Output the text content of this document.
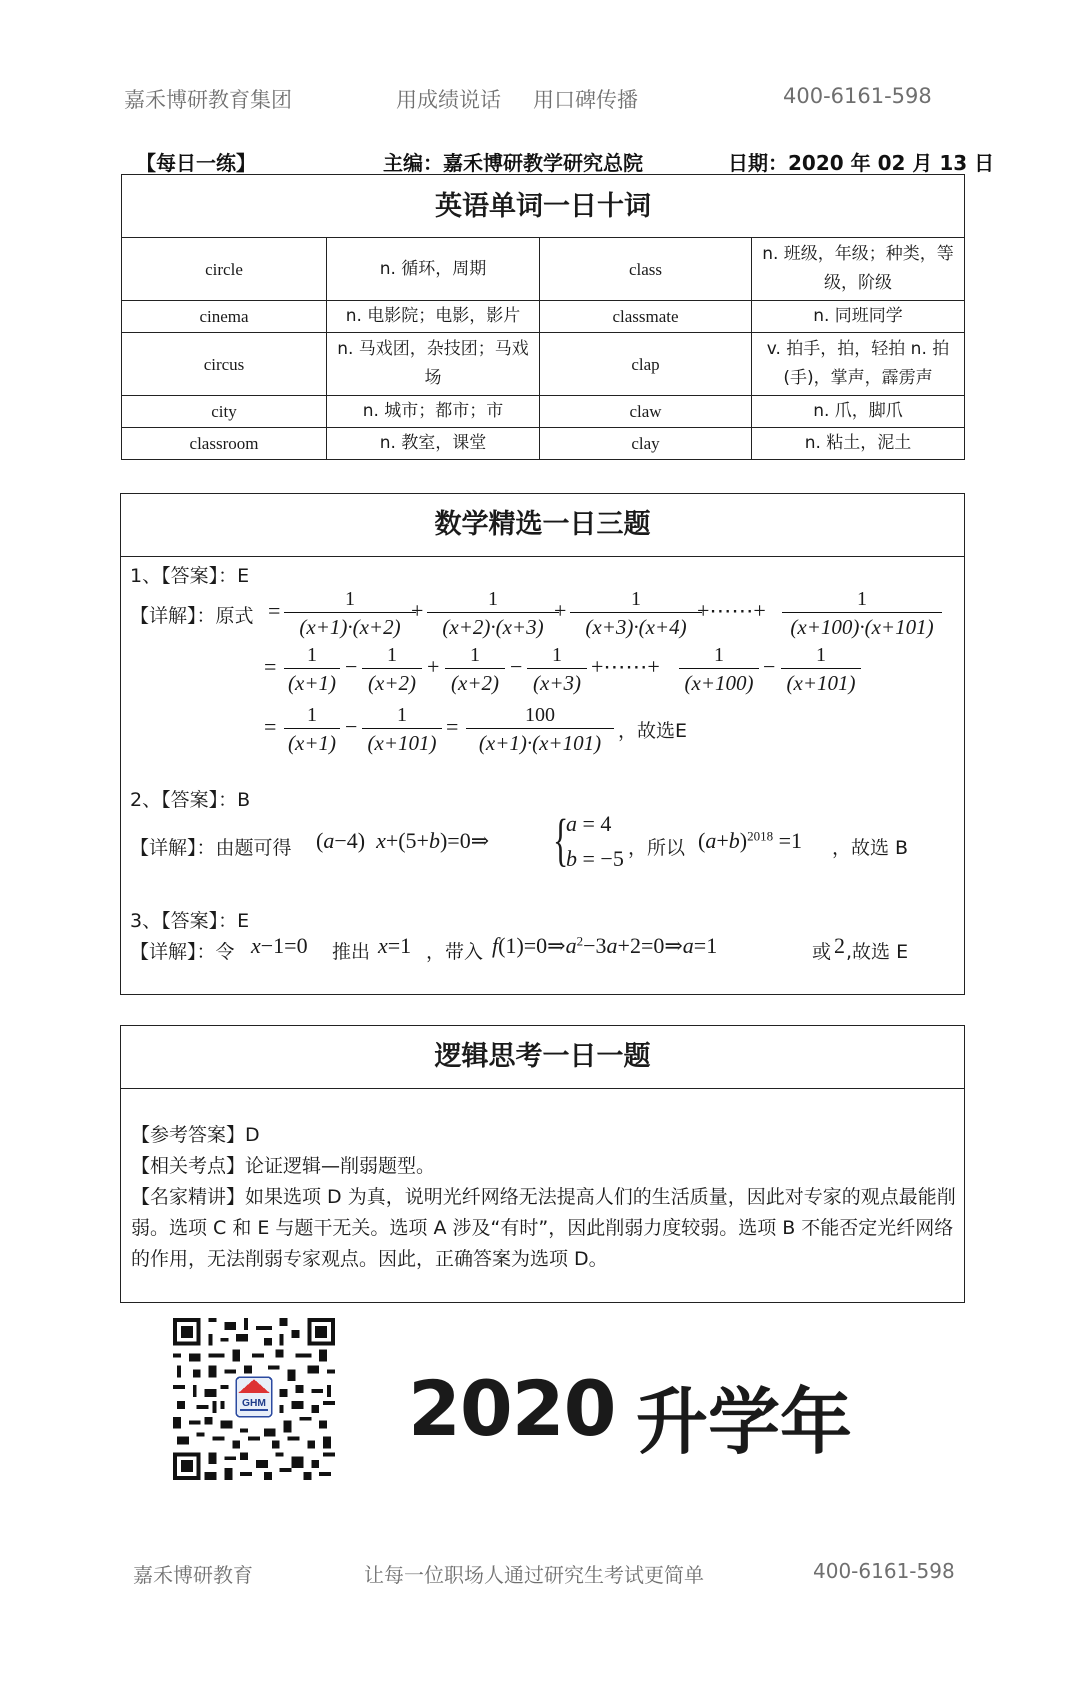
嘉禾博研教育集团	用成绩说话 用口碑传播	400-6161-598
【每日一练】	主编：嘉禾博研教学研究总院	日期：2020 年 02 月 13 日
英语单词一日十词			
circle	n. 循环，周期	class	n. 班级，年级；种类，等级，阶级
cinema	n. 电影院；电影，影片	classmate	n. 同班同学
circus	n. 马戏团，杂技团；马戏场	clap	v. 拍手，拍，轻拍 n. 拍(手)，掌声，霹雳声
city	n. 城市；都市；市	claw	n. 爪，脚爪
classroom	n. 教室，课堂	clay	n. 粘土，泥土
数学精选一日三题
1、【答案】：E
【详解】：原式 =	1
(x+1)·(x+2)
+	1
(x+2)·(x+3)
+	1
(x+3)·(x+4)
+⋯⋯+	1
(x+100)·(x+101)
=	1
(x+1)
−	1
(x+2)
+	1
(x+2)
−	1
(x+3)
+⋯⋯+	1
(x+100)
−	1
(x+101)
=	1
(x+1)
−	1
(x+101)
=	100
(x+1)·(x+101) ，故选E
2、【答案】：B
【详解】：由题可得 (a−4)  x+(5+b)=0⇒ {
a = 4
b = −5 ，所以 $(a+b)^{2018} =1$ ，故选 B
3、【答案】：E
【详解】：令 x−1=0 推出 x=1 ，带入 $f(1)=0\Rightarrow a^2-3a+2=0\Rightarrow a=1$	或 2 ,故选 E
逻辑思考一日一题

【参考答案】D

【相关考点】论证逻辑—削弱题型。

【名家精讲】如果选项 D 为真，说明光纤网络无法提高人们的生活质量，因此对专家的观点最能削弱。选项 C 和 E 与题干无关。选项 A 涉及“有时”，因此削弱力度较弱。选项 B 不能否定光纤网络的作用，无法削弱专家观点。因此，正确答案为选项 D。

GHM 2020 升学年
嘉禾博研教育	让每一位职场人通过研究生考试更简单	400-6161-598
